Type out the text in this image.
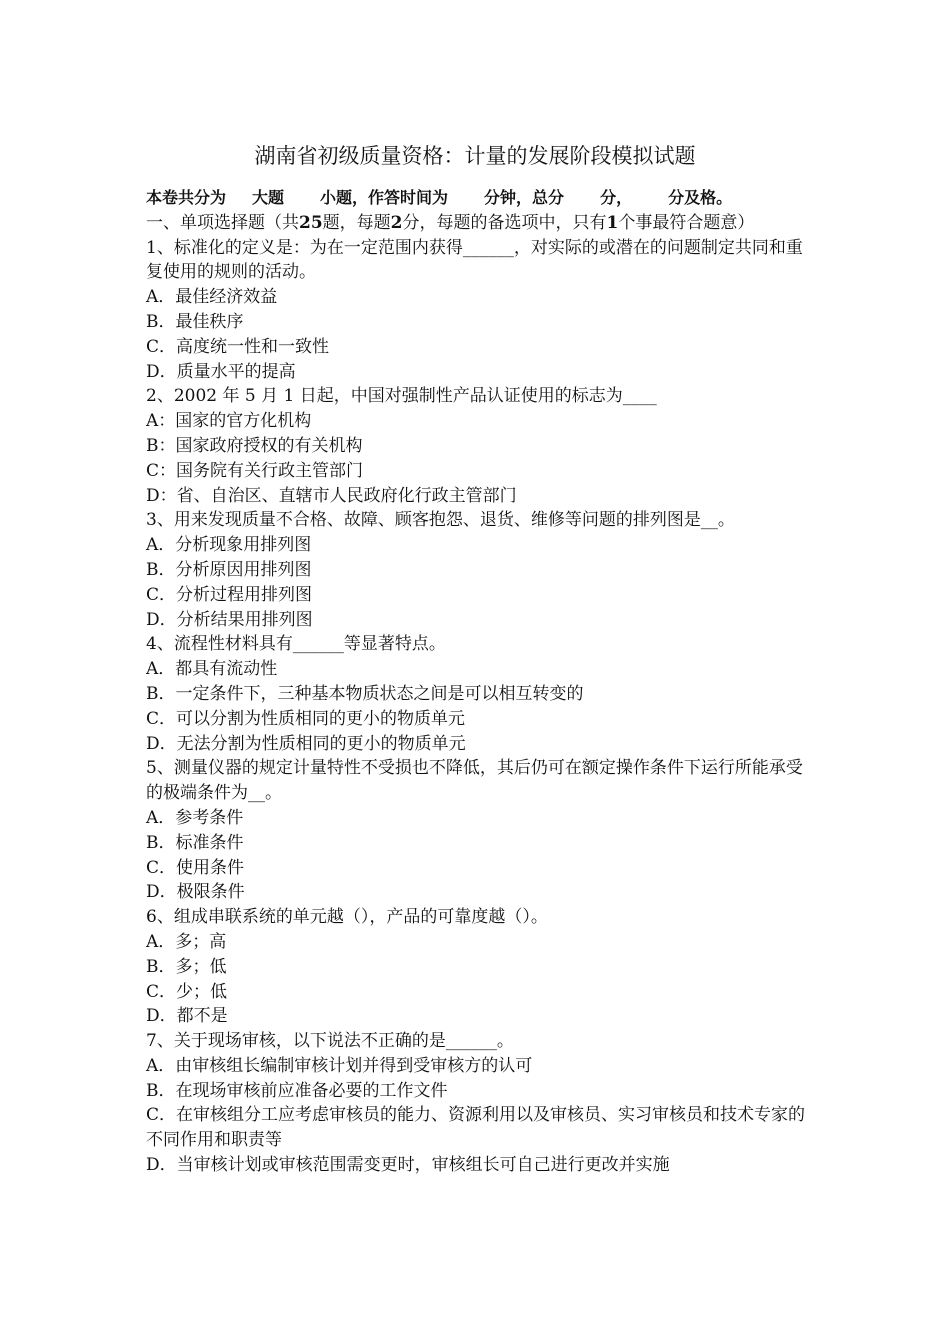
湖南省初级质量资格：计量的发展阶段模拟试题
本卷共分为 大题 小题，作答时间为 分钟，总分 分， 分及格。
一、单项选择题（共25题，每题2分，每题的备选项中，只有1个事最符合题意）
1、标准化的定义是：为在一定范围内获得______，对实际的或潜在的问题制定共同和重复使用的规则的活动。
A．最佳经济效益
B．最佳秩序
C．高度统一性和一致性
D．质量水平的提高
2、2002 年 5 月 1 日起，中国对强制性产品认证使用的标志为____
A：国家的官方化机构
B：国家政府授权的有关机构
C：国务院有关行政主管部门
D：省、自治区、直辖市人民政府化行政主管部门
3、用来发现质量不合格、故障、顾客抱怨、退货、维修等问题的排列图是__。
A．分析现象用排列图
B．分析原因用排列图
C．分析过程用排列图
D．分析结果用排列图
4、流程性材料具有______等显著特点。
A．都具有流动性
B．一定条件下，三种基本物质状态之间是可以相互转变的
C．可以分割为性质相同的更小的物质单元
D．无法分割为性质相同的更小的物质单元
5、测量仪器的规定计量特性不受损也不降低，其后仍可在额定操作条件下运行所能承受的极端条件为__。
A．参考条件
B．标准条件
C．使用条件
D．极限条件
6、组成串联系统的单元越（），产品的可靠度越（）。
A．多；高
B．多；低
C．少；低
D．都不是
7、关于现场审核，以下说法不正确的是______。
A．由审核组长编制审核计划并得到受审核方的认可
B．在现场审核前应准备必要的工作文件
C．在审核组分工应考虑审核员的能力、资源利用以及审核员、实习审核员和技术专家的不同作用和职责等
D．当审核计划或审核范围需变更时，审核组长可自己进行更改并实施
